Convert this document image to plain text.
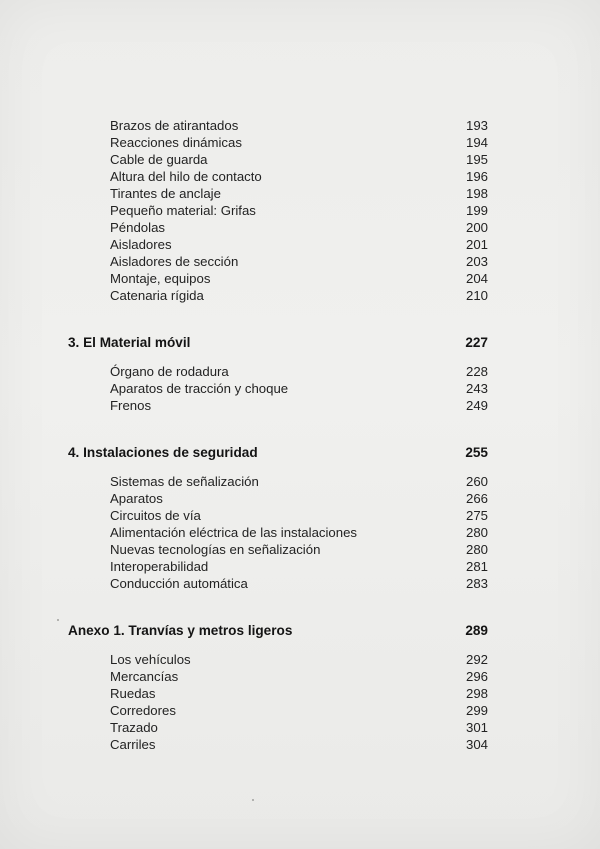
Brazos de atirantados	193
Reacciones dinámicas	194
Cable de guarda	195
Altura del hilo de contacto	196
Tirantes de anclaje	198
Pequeño material: Grifas	199
Péndolas	200
Aisladores	201
Aisladores de sección	203
Montaje, equipos	204
Catenaria rígida	210
3. El Material móvil	227
Órgano de rodadura	228
Aparatos de tracción y choque	243
Frenos	249
4. Instalaciones de seguridad	255
Sistemas de señalización	260
Aparatos	266
Circuitos de vía	275
Alimentación eléctrica de las instalaciones	280
Nuevas tecnologías en señalización	280
Interoperabilidad	281
Conducción automática	283
Anexo 1. Tranvías y metros ligeros	289
Los vehículos	292
Mercancías	296
Ruedas	298
Corredores	299
Trazado	301
Carriles	304
